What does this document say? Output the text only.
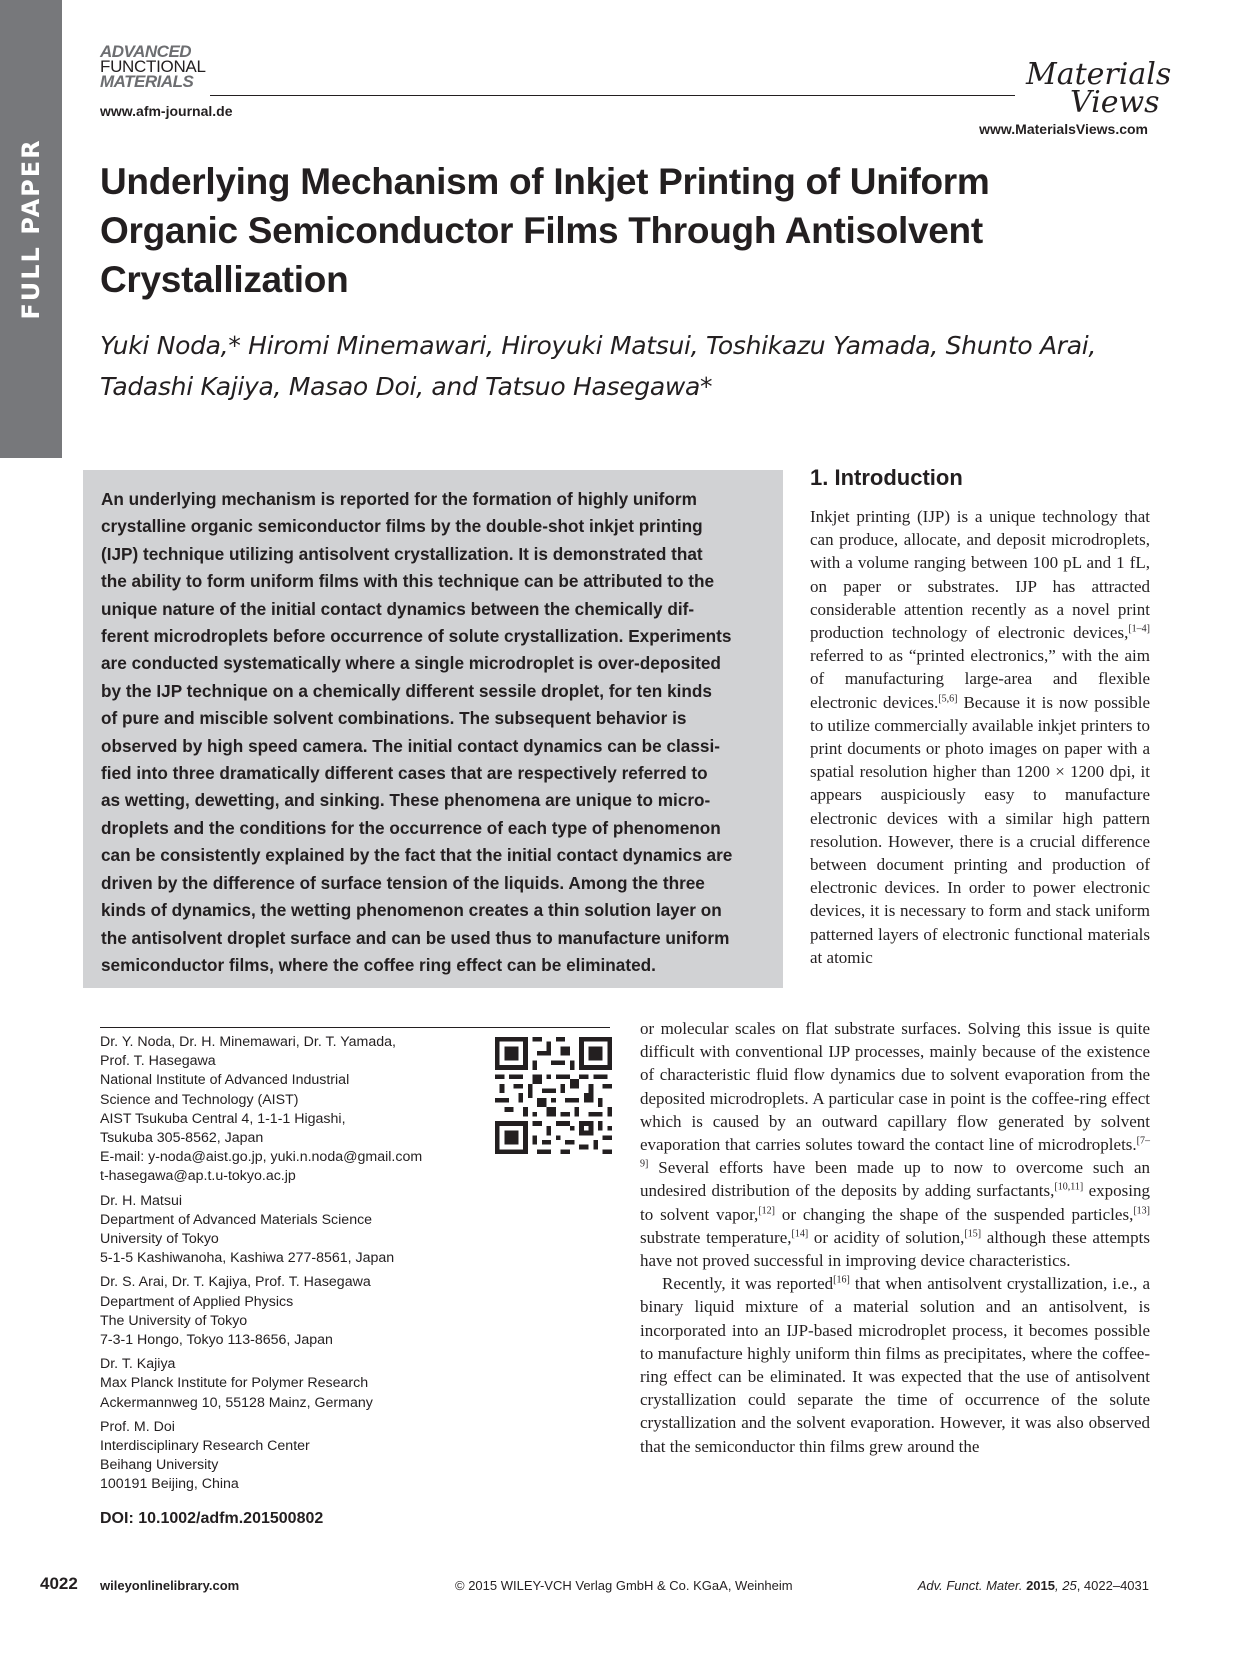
FULL PAPER
ADVANCED
FUNCTIONAL
MATERIALS
www.afm-journal.de
Materials
Views
www.MaterialsViews.com
Underlying Mechanism of Inkjet Printing of Uniform
Organic Semiconductor Films Through Antisolvent
Crystallization
Yuki Noda,* Hiromi Minemawari, Hiroyuki Matsui, Toshikazu Yamada, Shunto Arai,
Tadashi Kajiya, Masao Doi, and Tatsuo Hasegawa*
An underlying mechanism is reported for the formation of highly uniform
crystalline organic semiconductor films by the double-shot inkjet printing
(IJP) technique utilizing antisolvent crystallization. It is demonstrated that
the ability to form uniform films with this technique can be attributed to the
unique nature of the initial contact dynamics between the chemically dif-
ferent microdroplets before occurrence of solute crystallization. Experiments
are conducted systematically where a single microdroplet is over-deposited
by the IJP technique on a chemically different sessile droplet, for ten kinds
of pure and miscible solvent combinations. The subsequent behavior is
observed by high speed camera. The initial contact dynamics can be classi-
fied into three dramatically different cases that are respectively referred to
as wetting, dewetting, and sinking. These phenomena are unique to micro-
droplets and the conditions for the occurrence of each type of phenomenon
can be consistently explained by the fact that the initial contact dynamics are
driven by the difference of surface tension of the liquids. Among the three
kinds of dynamics, the wetting phenomenon creates a thin solution layer on
the antisolvent droplet surface and can be used thus to manufacture uniform
semiconductor films, where the coffee ring effect can be eliminated.
1. Introduction
Inkjet printing (IJP) is a unique technology that can produce, allocate, and deposit microdroplets, with a volume ranging between 100 pL and 1 fL, on paper or substrates. IJP has attracted considerable attention recently as a novel print production technology of electronic devices,[1–4] referred to as “printed electronics,” with the aim of manufacturing large-area and flexible electronic devices.[5,6] Because it is now possible to utilize commercially available inkjet printers to print documents or photo images on paper with a spatial resolution higher than 1200 × 1200 dpi, it appears auspiciously easy to manufacture electronic devices with a similar high pattern resolution. However, there is a crucial difference between document printing and production of electronic devices. In order to power electronic devices, it is necessary to form and stack uniform patterned layers of electronic functional materials at atomic
or molecular scales on flat substrate surfaces. Solving this issue is quite difficult with conventional IJP processes, mainly because of the existence of characteristic fluid flow dynamics due to solvent evaporation from the deposited microdroplets. A particular case in point is the coffee-ring effect which is caused by an outward capillary flow generated by solvent evaporation that carries solutes toward the contact line of microdroplets.[7–9] Several efforts have been made up to now to overcome such an undesired distribution of the deposits by adding surfactants,[10,11] exposing to solvent vapor,[12] or changing the shape of the suspended particles,[13] substrate temperature,[14] or acidity of solution,[15] although these attempts have not proved successful in improving device characteristics.
Recently, it was reported[16] that when antisolvent crystallization, i.e., a binary liquid mixture of a material solution and an antisolvent, is incorporated into an IJP-based microdroplet process, it becomes possible to manufacture highly uniform thin films as precipitates, where the coffee-ring effect can be eliminated. It was expected that the use of antisolvent crystallization could separate the time of occurrence of the solute crystallization and the solvent evaporation. However, it was also observed that the semiconductor thin films grew around the
Dr. Y. Noda, Dr. H. Minemawari, Dr. T. Yamada,
Prof. T. Hasegawa
National Institute of Advanced Industrial
Science and Technology (AIST)
AIST Tsukuba Central 4, 1-1-1 Higashi,
Tsukuba 305-8562, Japan
E-mail: y-noda@aist.go.jp, yuki.n.noda@gmail.com
t-hasegawa@ap.t.u-tokyo.ac.jp
Dr. H. Matsui
Department of Advanced Materials Science
University of Tokyo
5-1-5 Kashiwanoha, Kashiwa 277-8561, Japan
Dr. S. Arai, Dr. T. Kajiya, Prof. T. Hasegawa
Department of Applied Physics
The University of Tokyo
7-3-1 Hongo, Tokyo 113-8656, Japan
Dr. T. Kajiya
Max Planck Institute for Polymer Research
Ackermannweg 10, 55128 Mainz, Germany
Prof. M. Doi
Interdisciplinary Research Center
Beihang University
100191 Beijing, China
DOI: 10.1002/adfm.201500802
4022 wileyonlinelibrary.com	© 2015 WILEY-VCH Verlag GmbH & Co. KGaA, Weinheim	Adv. Funct. Mater. 2015, 25, 4022–4031
